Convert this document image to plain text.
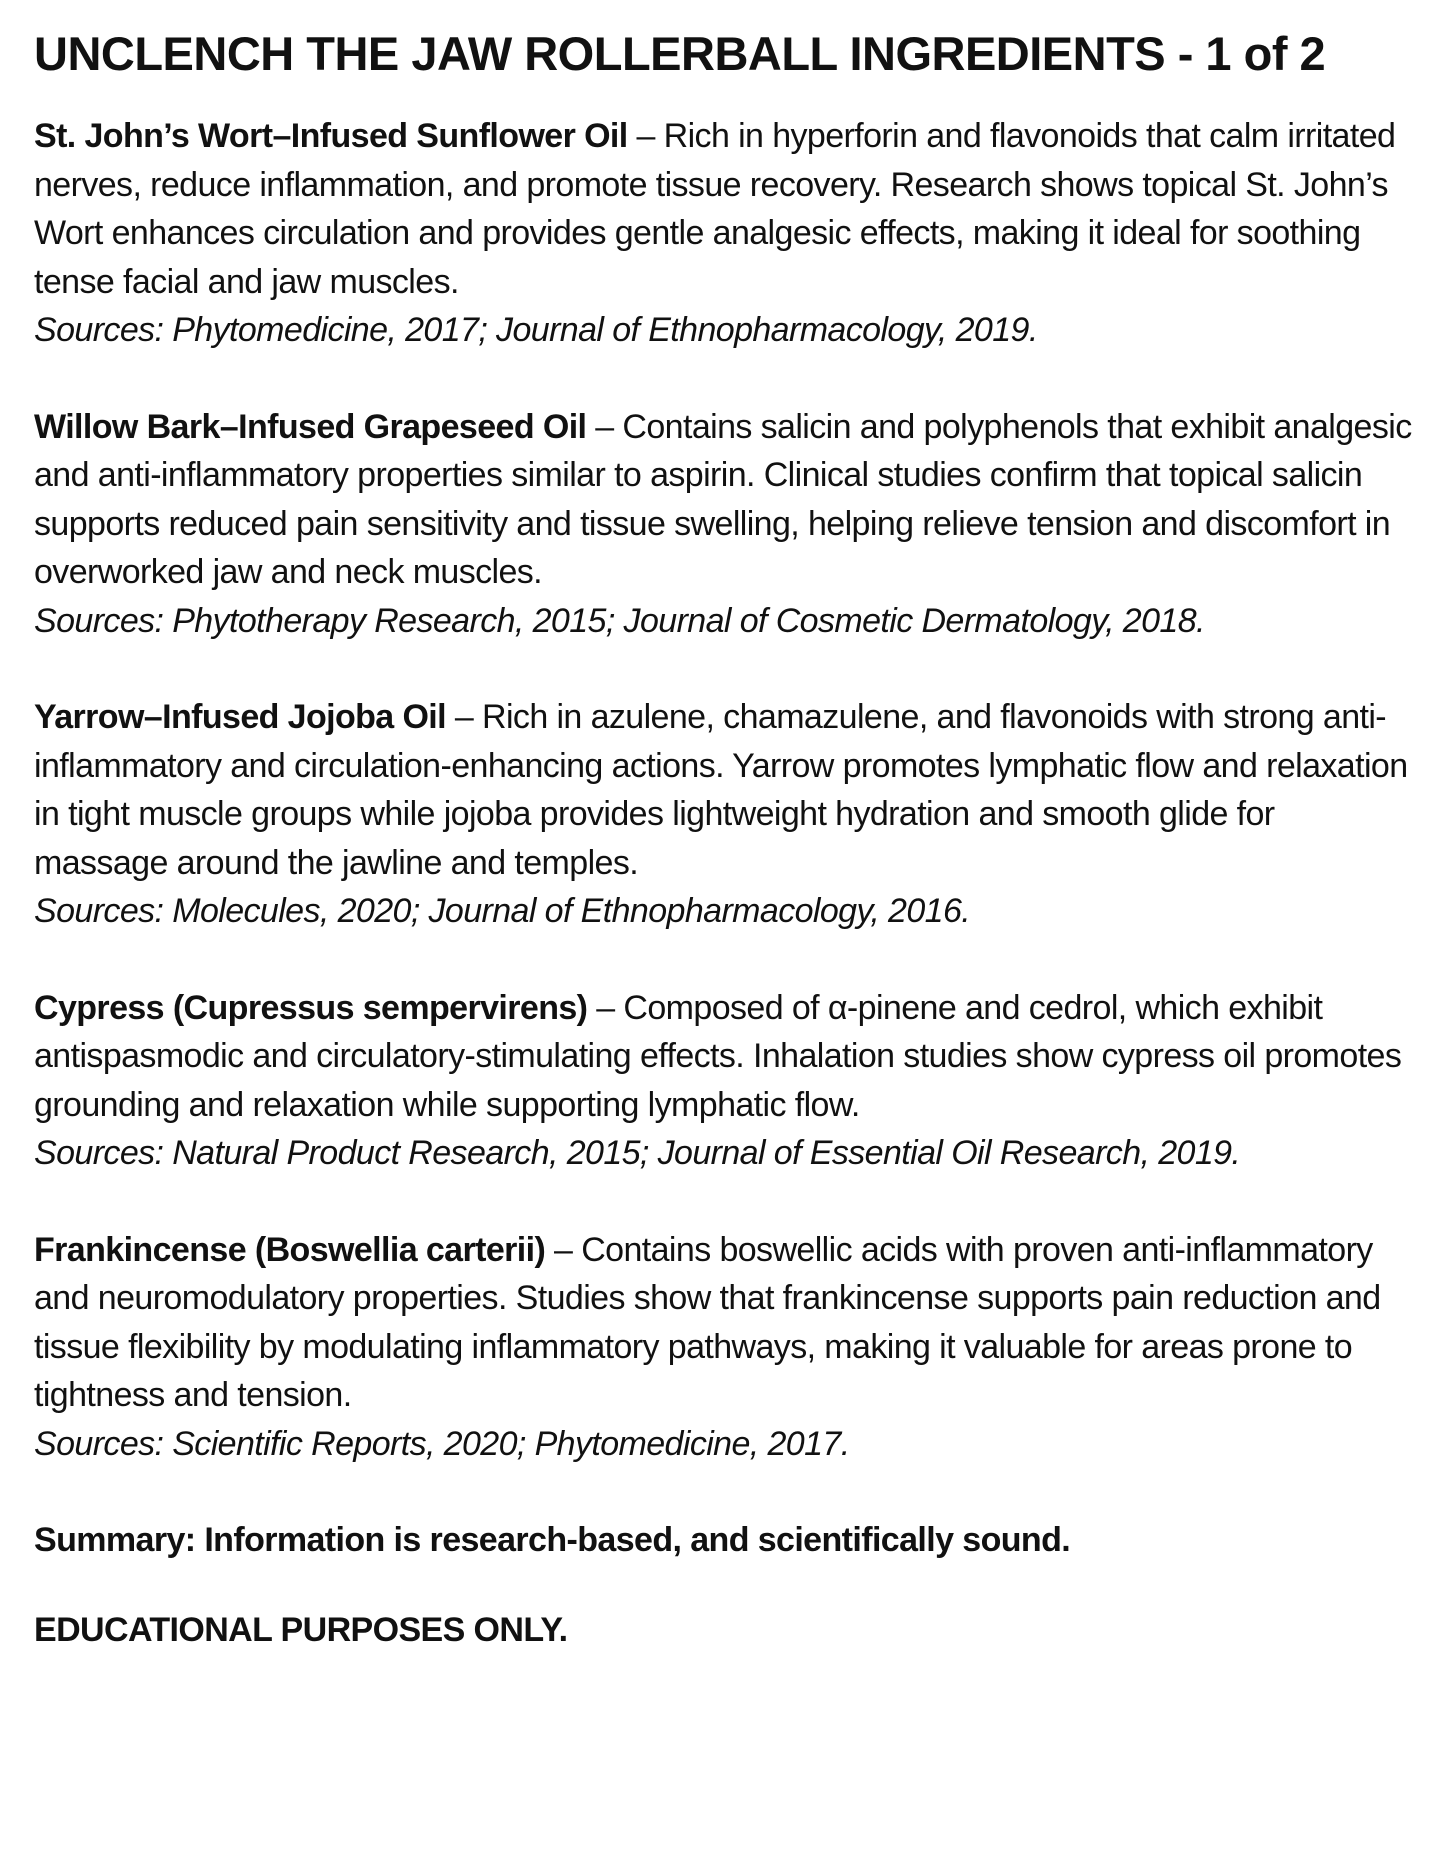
UNCLENCH THE JAW ROLLERBALL INGREDIENTS - 1 of 2

St. John’s Wort–Infused Sunflower Oil – Rich in hyperforin and flavonoids that calm irritated nerves, reduce inflammation, and promote tissue recovery. Research shows topical St. John’s Wort enhances circulation and provides gentle analgesic effects, making it ideal for soothing tense facial and jaw muscles.

Sources: Phytomedicine, 2017; Journal of Ethnopharmacology, 2019.

Willow Bark–Infused Grapeseed Oil – Contains salicin and polyphenols that exhibit analgesic and anti-inflammatory properties similar to aspirin. Clinical studies confirm that topical salicin supports reduced pain sensitivity and tissue swelling, helping relieve tension and discomfort in overworked jaw and neck muscles.

Sources: Phytotherapy Research, 2015; Journal of Cosmetic Dermatology, 2018.

Yarrow–Infused Jojoba Oil – Rich in azulene, chamazulene, and flavonoids with strong anti-inflammatory and circulation-enhancing actions. Yarrow promotes lymphatic flow and relaxation in tight muscle groups while jojoba provides lightweight hydration and smooth glide for massage around the jawline and temples.

Sources: Molecules, 2020; Journal of Ethnopharmacology, 2016.

Cypress (Cupressus sempervirens) – Composed of α-pinene and cedrol, which exhibit antispasmodic and circulatory-stimulating effects. Inhalation studies show cypress oil promotes grounding and relaxation while supporting lymphatic flow.

Sources: Natural Product Research, 2015; Journal of Essential Oil Research, 2019.

Frankincense (Boswellia carterii) – Contains boswellic acids with proven anti-inflammatory and neuromodulatory properties. Studies show that frankincense supports pain reduction and tissue flexibility by modulating inflammatory pathways, making it valuable for areas prone to tightness and tension.

Sources: Scientific Reports, 2020; Phytomedicine, 2017.

Summary: Information is research-based, and scientifically sound.

EDUCATIONAL PURPOSES ONLY.
